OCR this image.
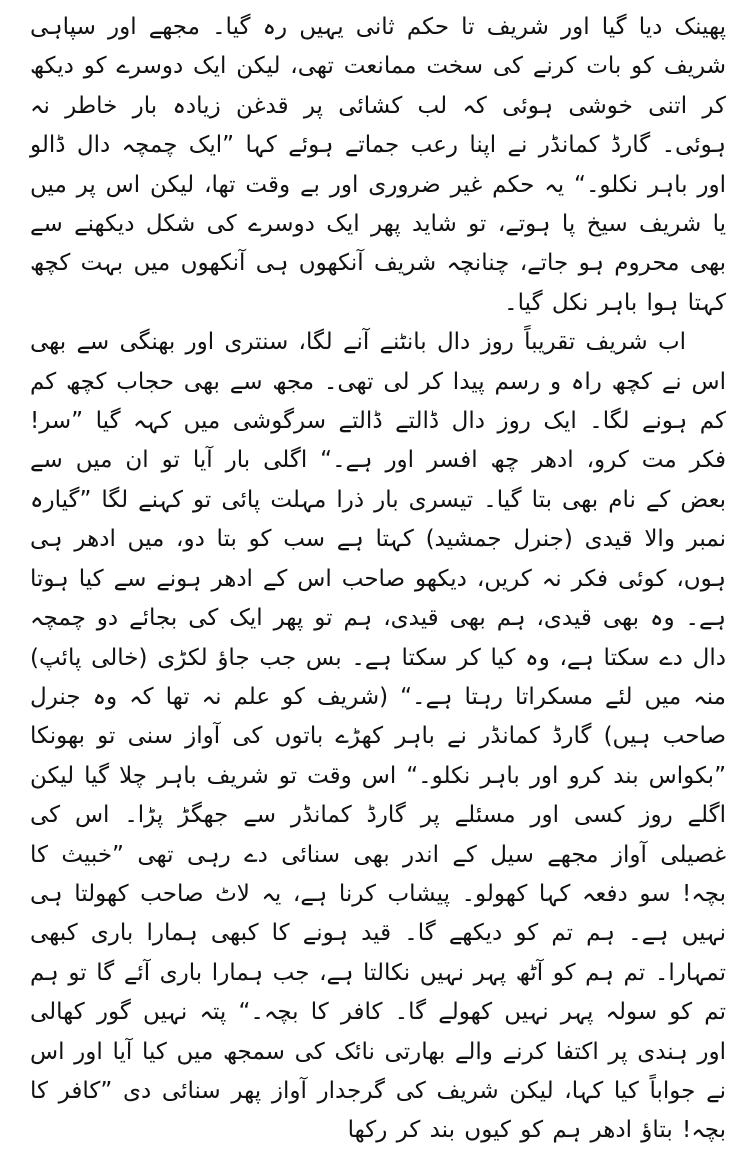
پھینک دیا گیا اور شریف تا حکم ثانی یہیں رہ گیا۔ مجھے اور سپاہی شریف کو بات کرنے کی سخت ممانعت تھی، لیکن ایک دوسرے کو دیکھ کر اتنی خوشی ہوئی کہ لب کشائی پر قدغن زیادہ بار خاطر نہ ہوئی۔ گارڈ کمانڈر نے اپنا رعب جماتے ہوئے کہا ”ایک چمچہ دال ڈالو اور باہر نکلو۔“ یہ حکم غیر ضروری اور بے وقت تھا، لیکن اس پر میں یا شریف سیخ پا ہوتے، تو شاید پھر ایک دوسرے کی شکل دیکھنے سے بھی محروم ہو جاتے، چنانچہ شریف آنکھوں ہی آنکھوں میں بہت کچھ کہتا ہوا باہر نکل گیا۔

اب شریف تقریباً روز دال بانٹنے آنے لگا، سنتری اور بھنگی سے بھی اس نے کچھ راہ و رسم پیدا کر لی تھی۔ مجھ سے بھی حجاب کچھ کم کم ہونے لگا۔ ایک روز دال ڈالتے ڈالتے سرگوشی میں کہہ گیا ”سر! فکر مت کرو، ادھر چھ افسر اور ہے۔“ اگلی بار آیا تو ان میں سے بعض کے نام بھی بتا گیا۔ تیسری بار ذرا مہلت پائی تو کہنے لگا ”گیارہ نمبر والا قیدی (جنرل جمشید) کہتا ہے سب کو بتا دو، میں ادھر ہی ہوں، کوئی فکر نہ کریں، دیکھو صاحب اس کے ادھر ہونے سے کیا ہوتا ہے۔ وہ بھی قیدی، ہم بھی قیدی، ہم تو پھر ایک کی بجائے دو چمچہ دال دے سکتا ہے، وہ کیا کر سکتا ہے۔ بس جب جاؤ لکڑی (خالی پائپ) منہ میں لئے مسکراتا رہتا ہے۔“ (شریف کو علم نہ تھا کہ وہ جنرل صاحب ہیں) گارڈ کمانڈر نے باہر کھڑے باتوں کی آواز سنی تو بھونکا ”بکواس بند کرو اور باہر نکلو۔“ اس وقت تو شریف باہر چلا گیا لیکن اگلے روز کسی اور مسئلے پر گارڈ کمانڈر سے جھگڑ پڑا۔ اس کی غصیلی آواز مجھے سیل کے اندر بھی سنائی دے رہی تھی ”خبیث کا بچہ! سو دفعہ کہا کھولو۔ پیشاب کرنا ہے، یہ لاٹ صاحب کھولتا ہی نہیں ہے۔ ہم تم کو دیکھے گا۔ قید ہونے کا کبھی ہمارا باری کبھی تمہارا۔ تم ہم کو آٹھ پہر نہیں نکالتا ہے، جب ہمارا باری آئے گا تو ہم تم کو سولہ پہر نہیں کھولے گا۔ کافر کا بچہ۔“ پتہ نہیں گور کھالی اور ہندی پر اکتفا کرنے والے بھارتی نائک کی سمجھ میں کیا آیا اور اس نے جواباً کیا کہا، لیکن شریف کی گرجدار آواز پھر سنائی دی ”کافر کا بچہ! بتاؤ ادھر ہم کو کیوں بند کر رکھا
